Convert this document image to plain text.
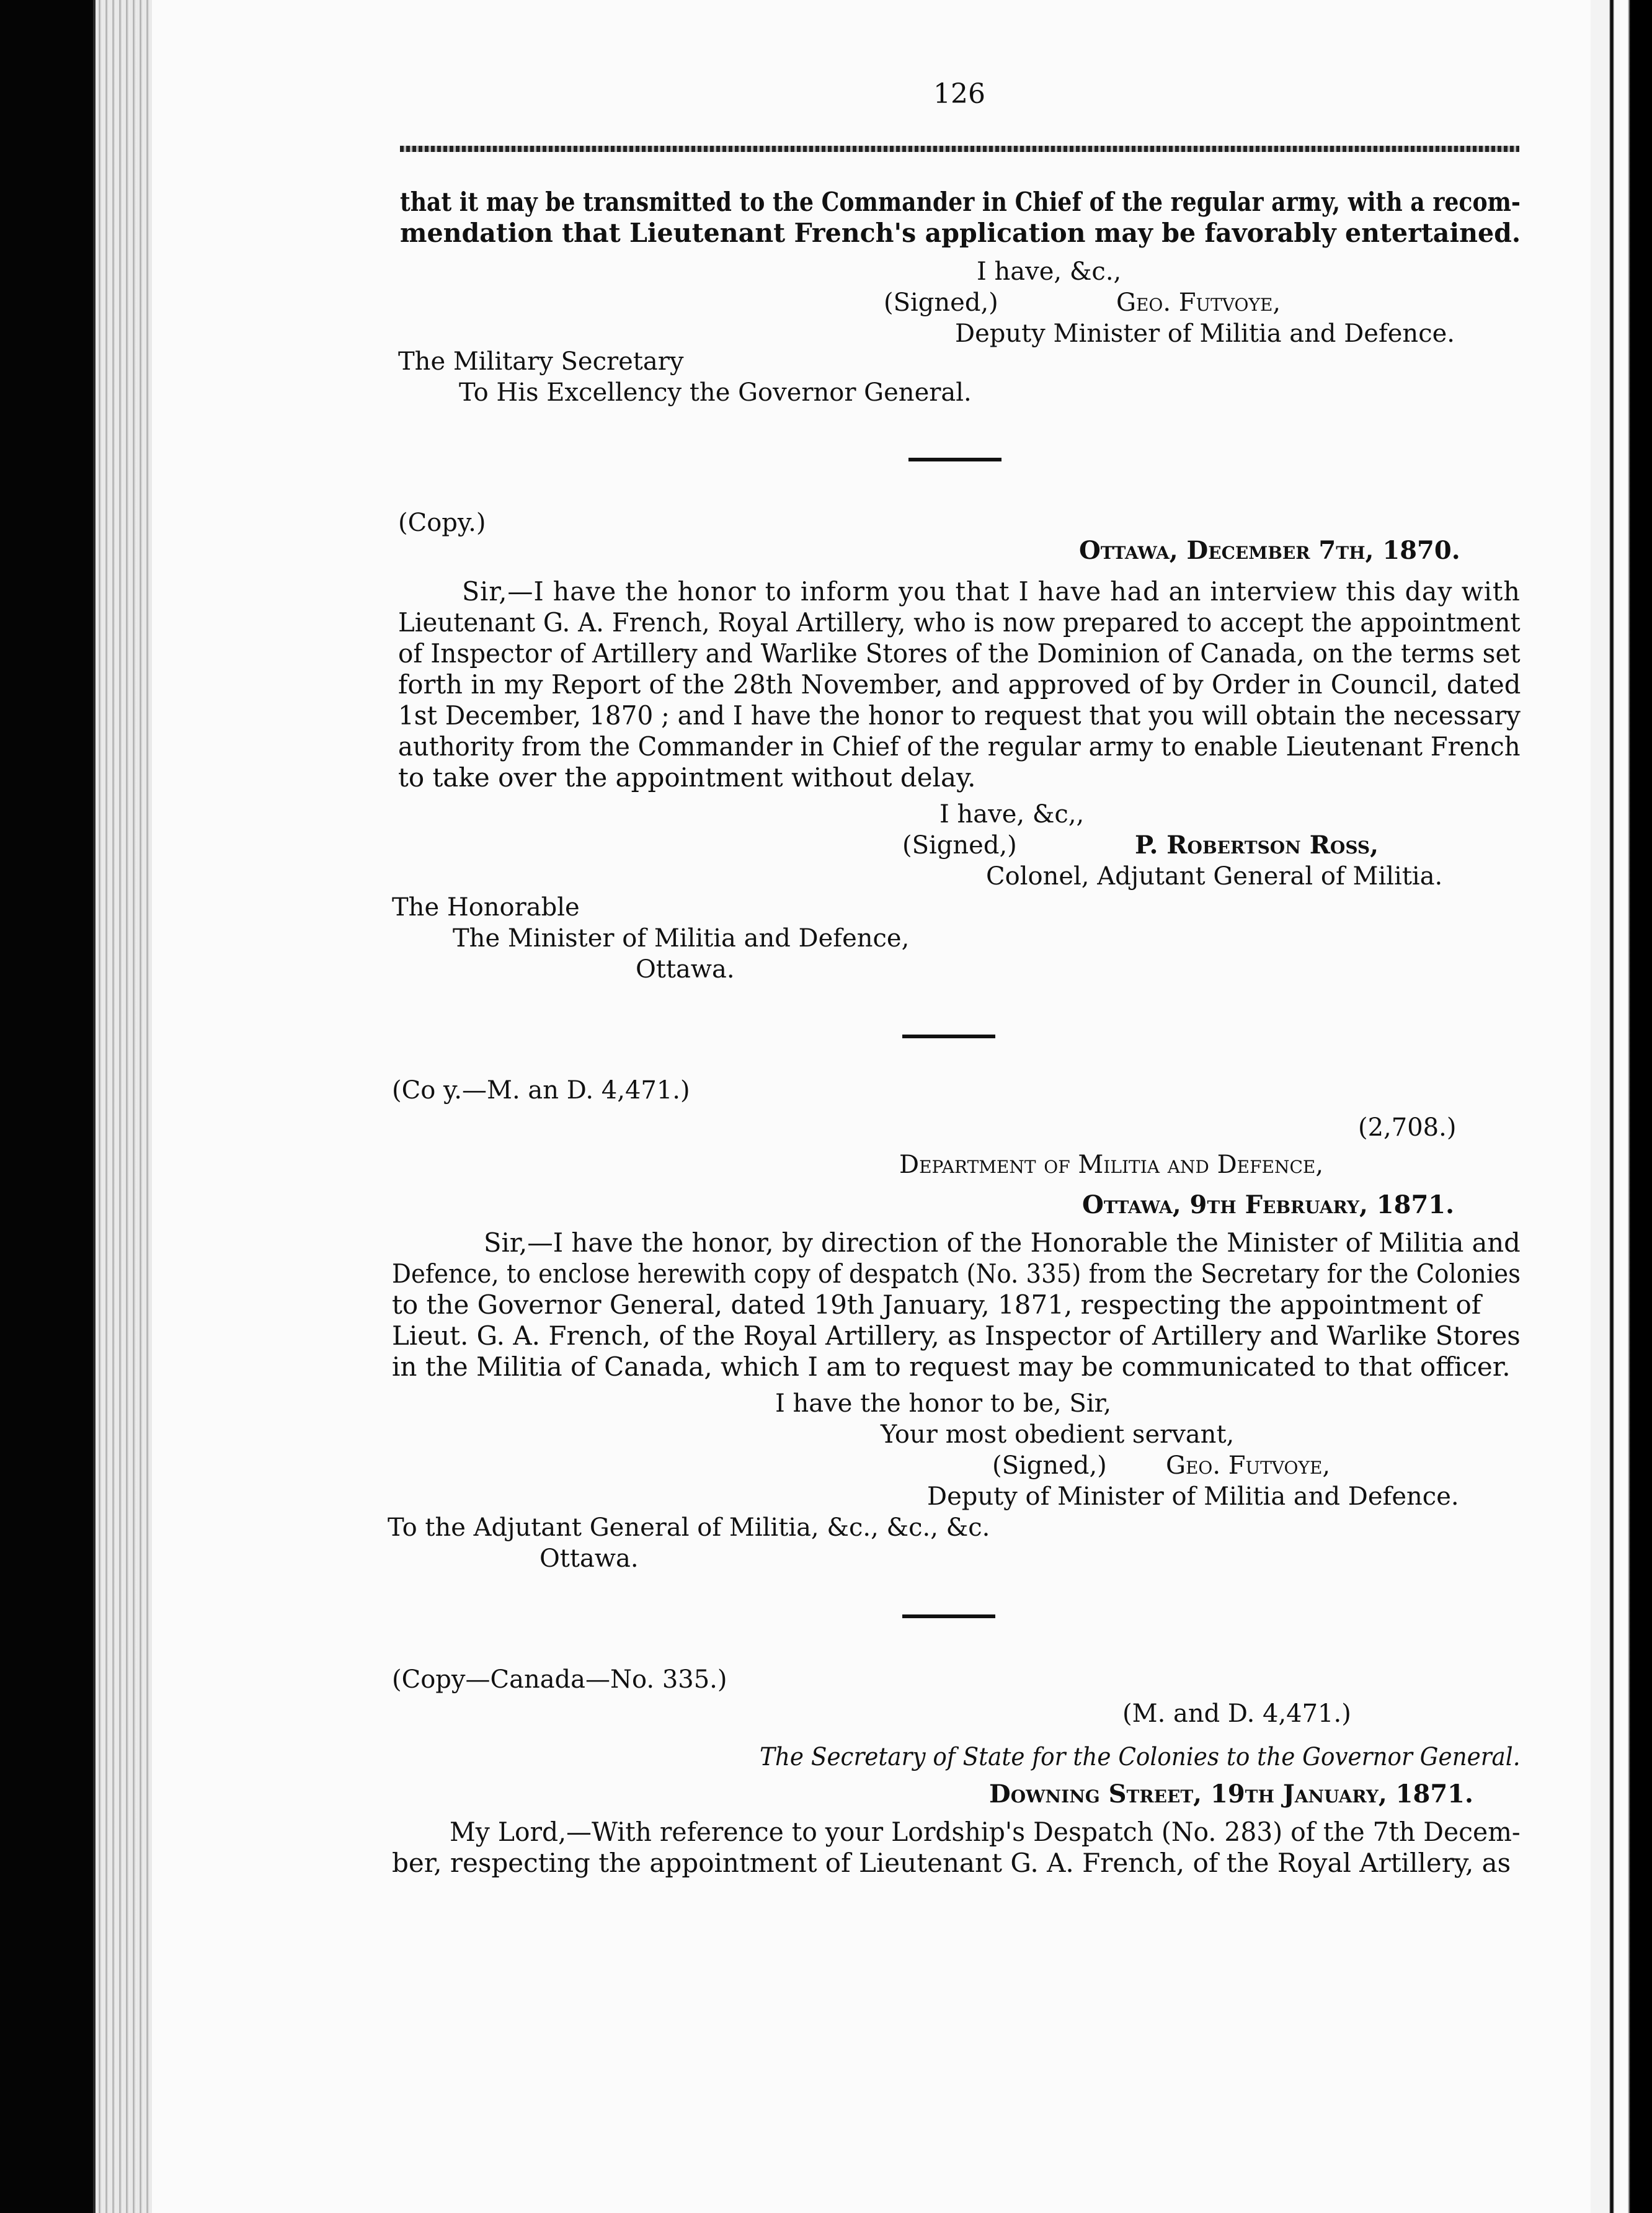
126
that it may be transmitted to the Commander in Chief of the regular army, with a recom-
mendation that Lieutenant French's application may be favorably entertained.
I have, &c.,
(Signed,)	Geo. Futvoye,
Deputy Minister of Militia and Defence.
The Military Secretary
To His Excellency the Governor General.
(Copy.)
Ottawa, December 7th, 1870.
Sir,—I have the honor to inform you that I have had an interview this day with
Lieutenant G. A. French, Royal Artillery, who is now prepared to accept the appointment
of Inspector of Artillery and Warlike Stores of the Dominion of Canada, on the terms set
forth in my Report of the 28th November, and approved of by Order in Council, dated
1st December, 1870 ; and I have the honor to request that you will obtain the necessary
authority from the Commander in Chief of the regular army to enable Lieutenant French
to take over the appointment without delay.
I have, &c,,
(Signed,)	P. Robertson Ross,
Colonel, Adjutant General of Militia.
The Honorable
The Minister of Militia and Defence,
Ottawa.
(Co y.—M. an D. 4,471.)
(2,708.)
Department of Militia and Defence,
Ottawa, 9th February, 1871.
Sir,—I have the honor, by direction of the Honorable the Minister of Militia and
Defence, to enclose herewith copy of despatch (No. 335) from the Secretary for the Colonies
to the Governor General, dated 19th January, 1871, respecting the appointment of
Lieut. G. A. French, of the Royal Artillery, as Inspector of Artillery and Warlike Stores
in the Militia of Canada, which I am to request may be communicated to that officer.
I have the honor to be, Sir,
Your most obedient servant,
(Signed,) Geo. Futvoye,
Deputy of Minister of Militia and Defence.
To the Adjutant General of Militia, &c., &c., &c.
Ottawa.
(Copy—Canada—No. 335.)
(M. and D. 4,471.)
The Secretary of State for the Colonies to the Governor General.
Downing Street, 19th January, 1871.
My Lord,—With reference to your Lordship's Despatch (No. 283) of the 7th Decem-
ber, respecting the appointment of Lieutenant G. A. French, of the Royal Artillery, as
